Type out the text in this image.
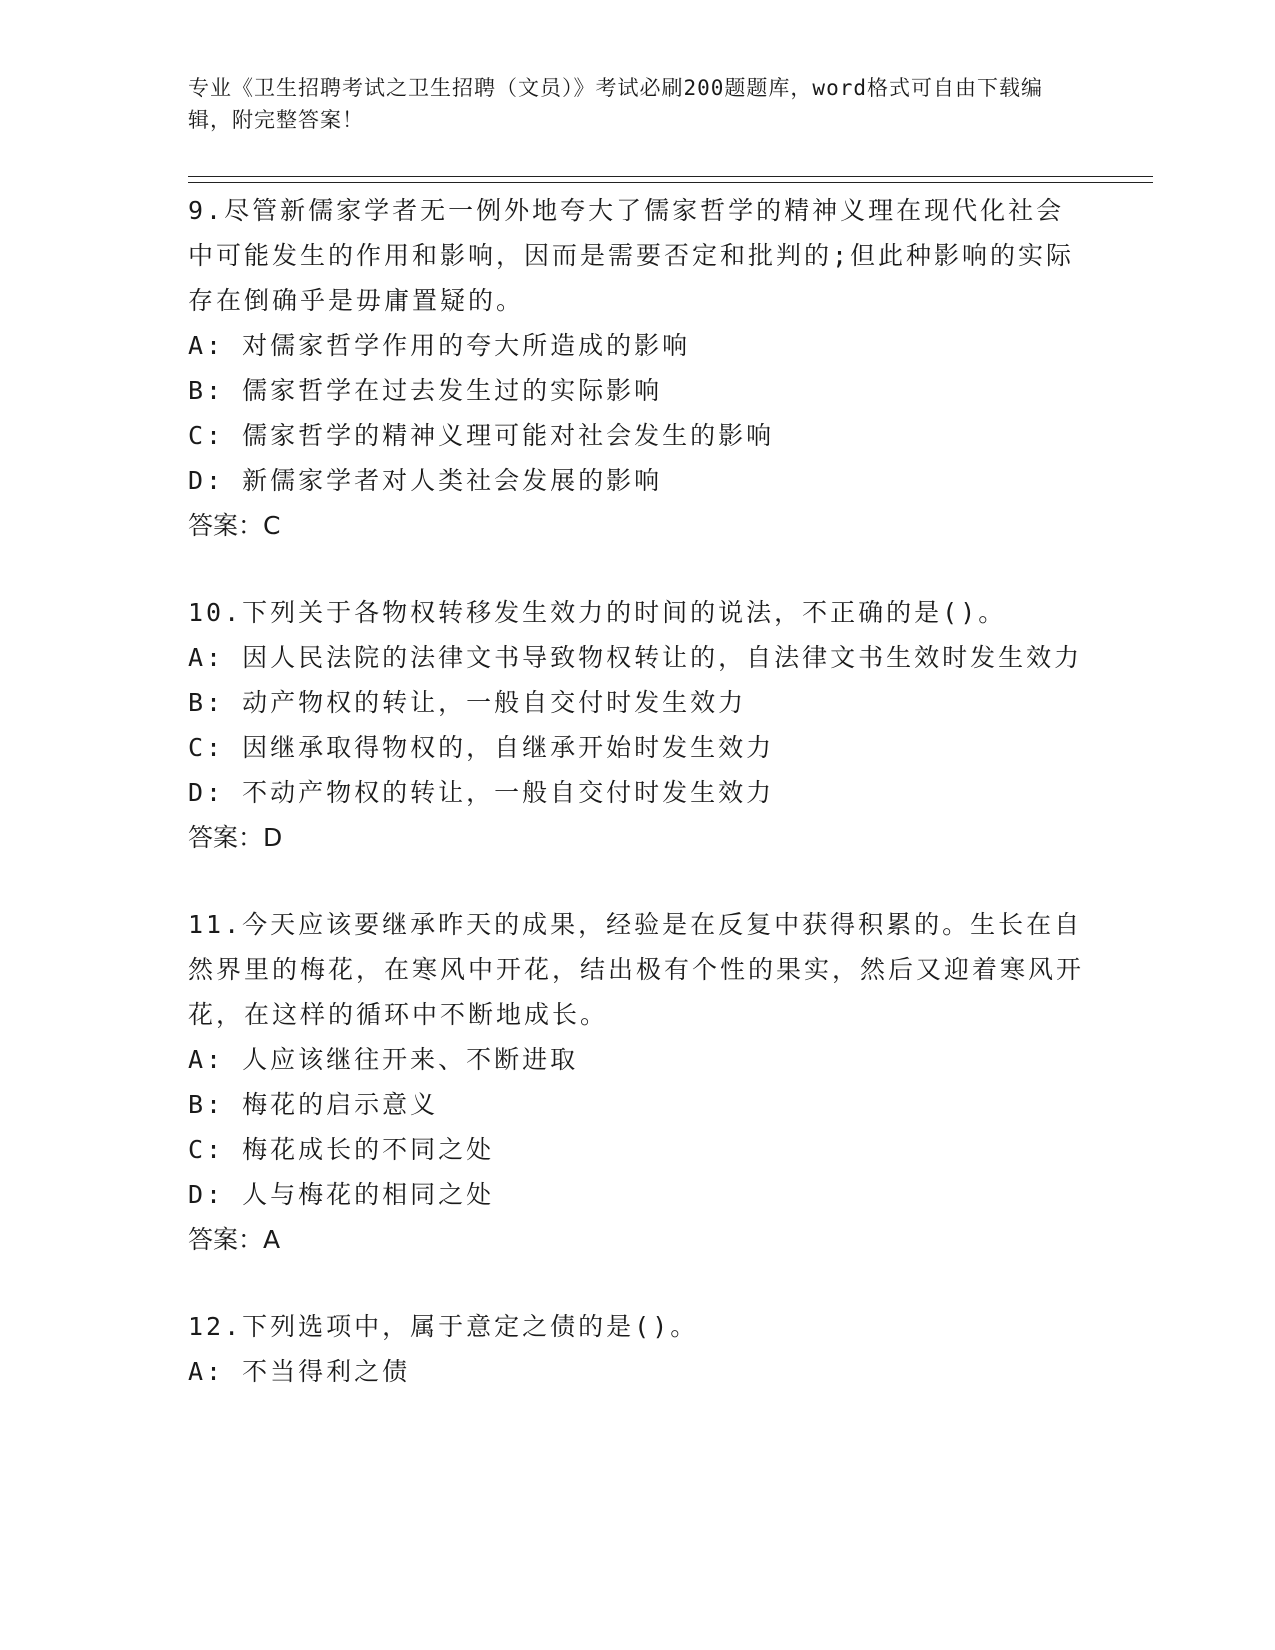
专业《卫生招聘考试之卫生招聘（文员）》考试必刷200题题库，word格式可自由下载编辑，附完整答案！
9.尽管新儒家学者无一例外地夸大了儒家哲学的精神义理在现代化社会中可能发生的作用和影响，因而是需要否定和批判的;但此种影响的实际存在倒确乎是毋庸置疑的。
A: 对儒家哲学作用的夸大所造成的影响
B: 儒家哲学在过去发生过的实际影响
C: 儒家哲学的精神义理可能对社会发生的影响
D: 新儒家学者对人类社会发展的影响
答案：C
10.下列关于各物权转移发生效力的时间的说法，不正确的是()。
A: 因人民法院的法律文书导致物权转让的，自法律文书生效时发生效力
B: 动产物权的转让，一般自交付时发生效力
C: 因继承取得物权的，自继承开始时发生效力
D: 不动产物权的转让，一般自交付时发生效力
答案：D
11.今天应该要继承昨天的成果，经验是在反复中获得积累的。生长在自然界里的梅花，在寒风中开花，结出极有个性的果实，然后又迎着寒风开花，在这样的循环中不断地成长。
A: 人应该继往开来、不断进取
B: 梅花的启示意义
C: 梅花成长的不同之处
D: 人与梅花的相同之处
答案：A
12.下列选项中，属于意定之债的是()。
A: 不当得利之债
